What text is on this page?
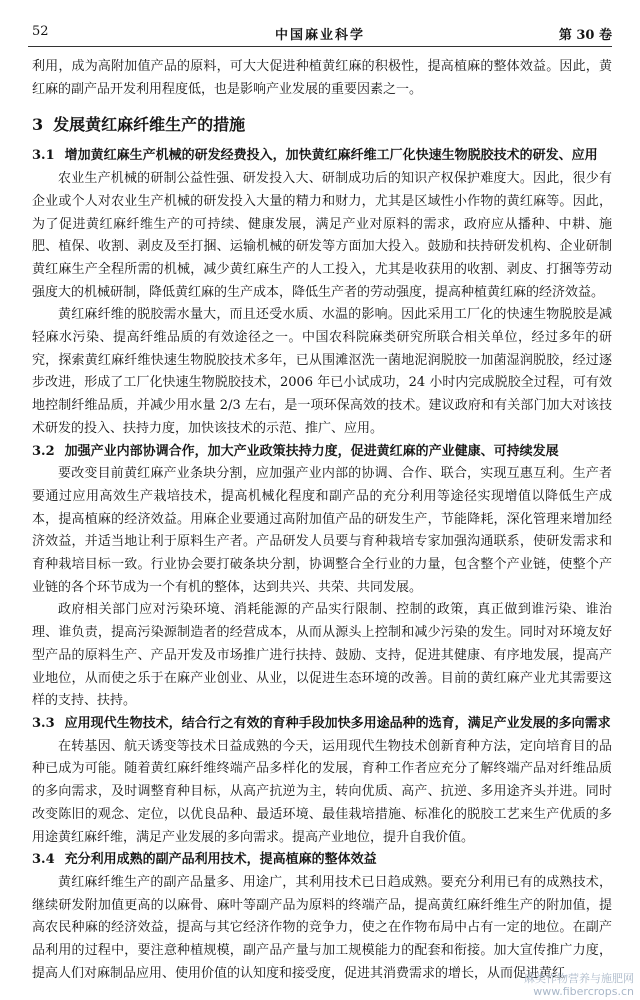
52	中国麻业科学	第 30 卷

利用，成为高附加值产品的原料，可大大促进种植黄红麻的积极性，提高植麻的整体效益。因此，黄红麻的副产品开发利用程度低，也是影响产业发展的重要因素之一。

3 发展黄红麻纤维生产的措施

3.1 增加黄红麻生产机械的研发经费投入，加快黄红麻纤维工厂化快速生物脱胶技术的研发、应用

农业生产机械的研制公益性强、研发投入大、研制成功后的知识产权保护难度大。因此，很少有企业或个人对农业生产机械的研发投入大量的精力和财力，尤其是区域性小作物的黄红麻等。因此，为了促进黄红麻纤维生产的可持续、健康发展，满足产业对原料的需求，政府应从播种、中耕、施肥、植保、收割、剥皮及至打捆、运输机械的研发等方面加大投入。鼓励和扶持研发机构、企业研制黄红麻生产全程所需的机械，减少黄红麻生产的人工投入，尤其是收获用的收割、剥皮、打捆等劳动强度大的机械研制，降低黄红麻的生产成本，降低生产者的劳动强度，提高种植黄红麻的经济效益。

黄红麻纤维的脱胶需水量大，而且还受水质、水温的影响。因此采用工厂化的快速生物脱胶是减轻麻水污染、提高纤维品质的有效途径之一。中国农科院麻类研究所联合相关单位，经过多年的研究，探索黄红麻纤维快速生物脱胶技术多年，已从围滩沤洗一菌地泥润脱胶一加菌湿润脱胶，经过逐步改进，形成了工厂化快速生物脱胶技术，2006 年已小试成功，24 小时内完成脱胶全过程，可有效地控制纤维品质，并减少用水量 2/3 左右，是一项环保高效的技术。建议政府和有关部门加大对该技术研发的投入、扶持力度，加快该技术的示范、推广、应用。

3.2 加强产业内部协调合作，加大产业政策扶持力度，促进黄红麻的产业健康、可持续发展

要改变目前黄红麻产业条块分割，应加强产业内部的协调、合作、联合，实现互惠互利。生产者要通过应用高效生产栽培技术，提高机械化程度和副产品的充分利用等途径实现增值以降低生产成本，提高植麻的经济效益。用麻企业要通过高附加值产品的研发生产，节能降耗，深化管理来增加经济效益，并适当地让利于原料生产者。产品研发人员要与育种栽培专家加强沟通联系，使研发需求和育种栽培目标一致。行业协会要打破条块分割，协调整合全行业的力量，包含整个产业链，使整个产业链的各个环节成为一个有机的整体，达到共兴、共荣、共同发展。

政府相关部门应对污染环境、消耗能源的产品实行限制、控制的政策，真正做到谁污染、谁治理、谁负责，提高污染源制造者的经营成本，从而从源头上控制和减少污染的发生。同时对环境友好型产品的原料生产、产品开发及市场推广进行扶持、鼓励、支持，促进其健康、有序地发展，提高产业地位，从而使之乐于在麻产业创业、从业，以促进生态环境的改善。目前的黄红麻产业尤其需要这样的支持、扶持。

3.3 应用现代生物技术，结合行之有效的育种手段加快多用途品种的选育，满足产业发展的多向需求

在转基因、航天诱变等技术日益成熟的今天，运用现代生物技术创新育种方法，定向培育目的品种已成为可能。随着黄红麻纤维终端产品多样化的发展，育种工作者应充分了解终端产品对纤维品质的多向需求，及时调整育种目标，从高产抗逆为主，转向优质、高产、抗逆、多用途齐头并进。同时改变陈旧的观念、定位，以优良品种、最适环境、最佳栽培措施、标准化的脱胶工艺来生产优质的多用途黄红麻纤维，满足产业发展的多向需求。提高产业地位，提升自我价值。

3.4 充分利用成熟的副产品利用技术，提高植麻的整体效益

黄红麻纤维生产的副产品量多、用途广，其利用技术已日趋成熟。要充分利用已有的成熟技术，继续研发附加值更高的以麻骨、麻叶等副产品为原料的终端产品，提高黄红麻纤维生产的附加值，提高农民种麻的经济效益，提高与其它经济作物的竞争力，使之在作物布局中占有一定的地位。在副产品利用的过程中，要注意种植规模，副产品产量与加工规模能力的配套和衔接。加大宣传推广力度，提高人们对麻制品应用、使用价值的认知度和接受度，促进其消费需求的增长，从而促进黄红

麻类作物营养与施肥网
www.fibercrops.cn
